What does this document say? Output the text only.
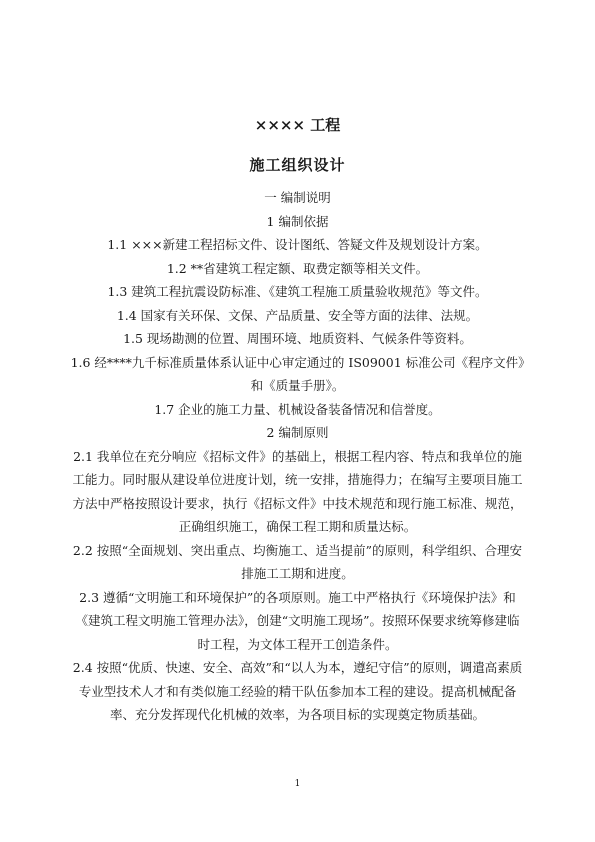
×××× 工程

施工组织设计

一 编制说明

1 编制依据

1.1 ×××新建工程招标文件、设计图纸、答疑文件及规划设计方案。

1.2 **省建筑工程定额、取费定额等相关文件。

1.3 建筑工程抗震设防标准、《建筑工程施工质量验收规范》等文件。

1.4 国家有关环保、文保、产品质量、安全等方面的法律、法规。

1.5 现场勘测的位置、周围环境、地质资料、气候条件等资料。

1.6 经****九千标准质量体系认证中心审定通过的 IS09001 标准公司《程序文件》和《质量手册》。

1.7 企业的施工力量、机械设备装备情况和信誉度。

2 编制原则

2.1 我单位在充分响应《招标文件》的基础上，根据工程内容、特点和我单位的施工能力。同时服从建设单位进度计划，统一安排，措施得力；在编写主要项目施工方法中严格按照设计要求，执行《招标文件》中技术规范和现行施工标准、规范，正确组织施工，确保工程工期和质量达标。

2.2 按照“全面规划、突出重点、均衡施工、适当提前”的原则，科学组织、合理安排施工工期和进度。

2.3 遵循“文明施工和环境保护”的各项原则。施工中严格执行《环境保护法》和《建筑工程文明施工管理办法》，创建“文明施工现场”。按照环保要求统筹修建临时工程，为文体工程开工创造条件。

2.4 按照“优质、快速、安全、高效”和“以人为本，遵纪守信”的原则，调遣高素质专业型技术人才和有类似施工经验的精干队伍参加本工程的建设。提高机械配备率、充分发挥现代化机械的效率，为各项目标的实现奠定物质基础。

1
